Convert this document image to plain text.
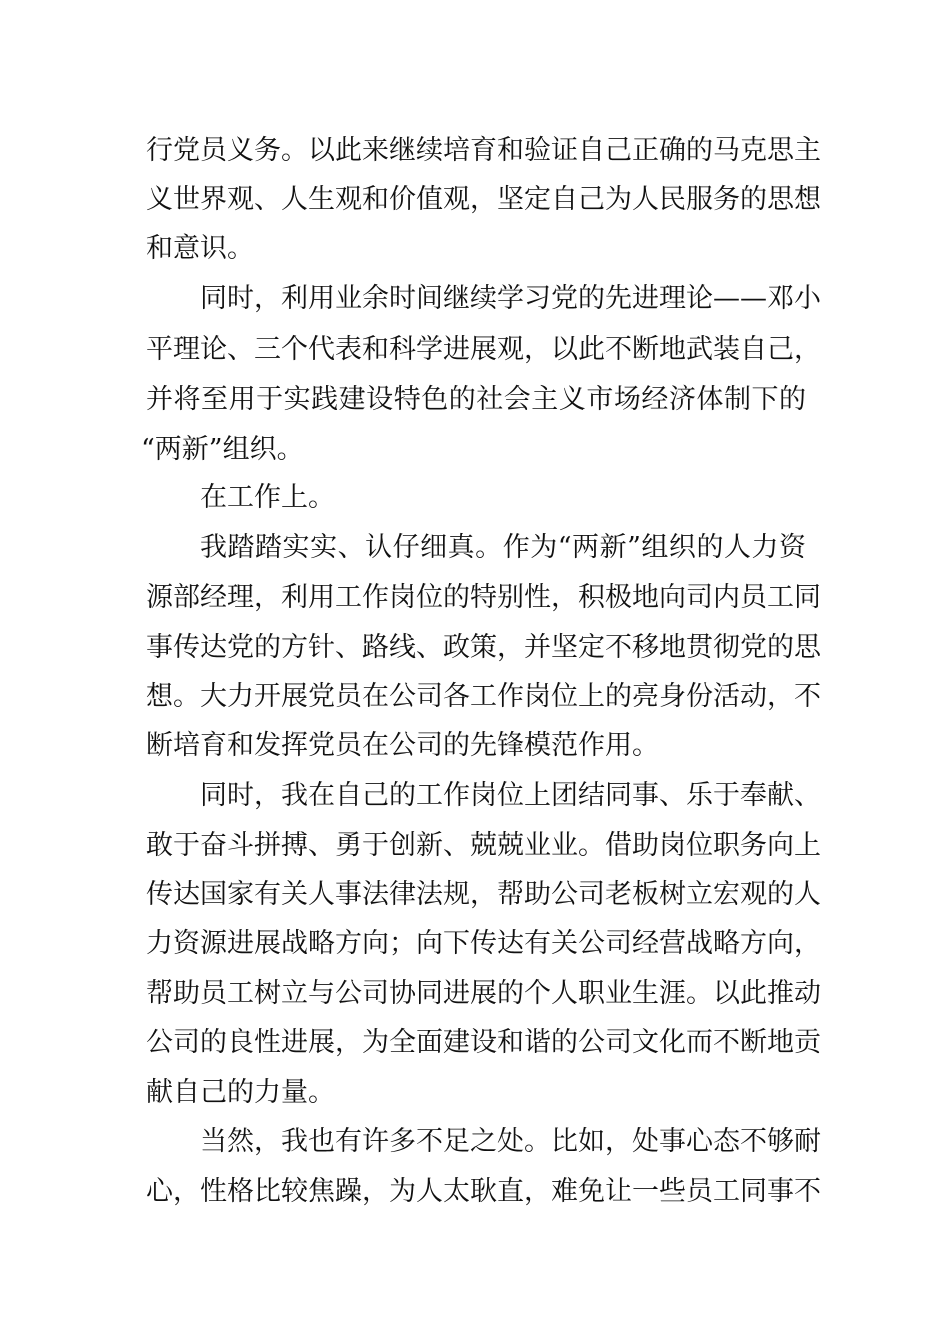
行党员义务。以此来继续培育和验证自己正确的马克思主
义世界观、人生观和价值观，坚定自己为人民服务的思想
和意识。
同时，利用业余时间继续学习党的先进理论——邓小
平理论、三个代表和科学进展观，以此不断地武装自己，
并将至用于实践建设特色的社会主义市场经济体制下的
“两新”组织。
在工作上。
我踏踏实实、认仔细真。作为“两新”组织的人力资
源部经理，利用工作岗位的特别性，积极地向司内员工同
事传达党的方针、路线、政策，并坚定不移地贯彻党的思
想。大力开展党员在公司各工作岗位上的亮身份活动，不
断培育和发挥党员在公司的先锋模范作用。
同时，我在自己的工作岗位上团结同事、乐于奉献、
敢于奋斗拼搏、勇于创新、兢兢业业。借助岗位职务向上
传达国家有关人事法律法规，帮助公司老板树立宏观的人
力资源进展战略方向；向下传达有关公司经营战略方向，
帮助员工树立与公司协同进展的个人职业生涯。以此推动
公司的良性进展，为全面建设和谐的公司文化而不断地贡
献自己的力量。
当然，我也有许多不足之处。比如，处事心态不够耐
心，性格比较焦躁，为人太耿直，难免让一些员工同事不
